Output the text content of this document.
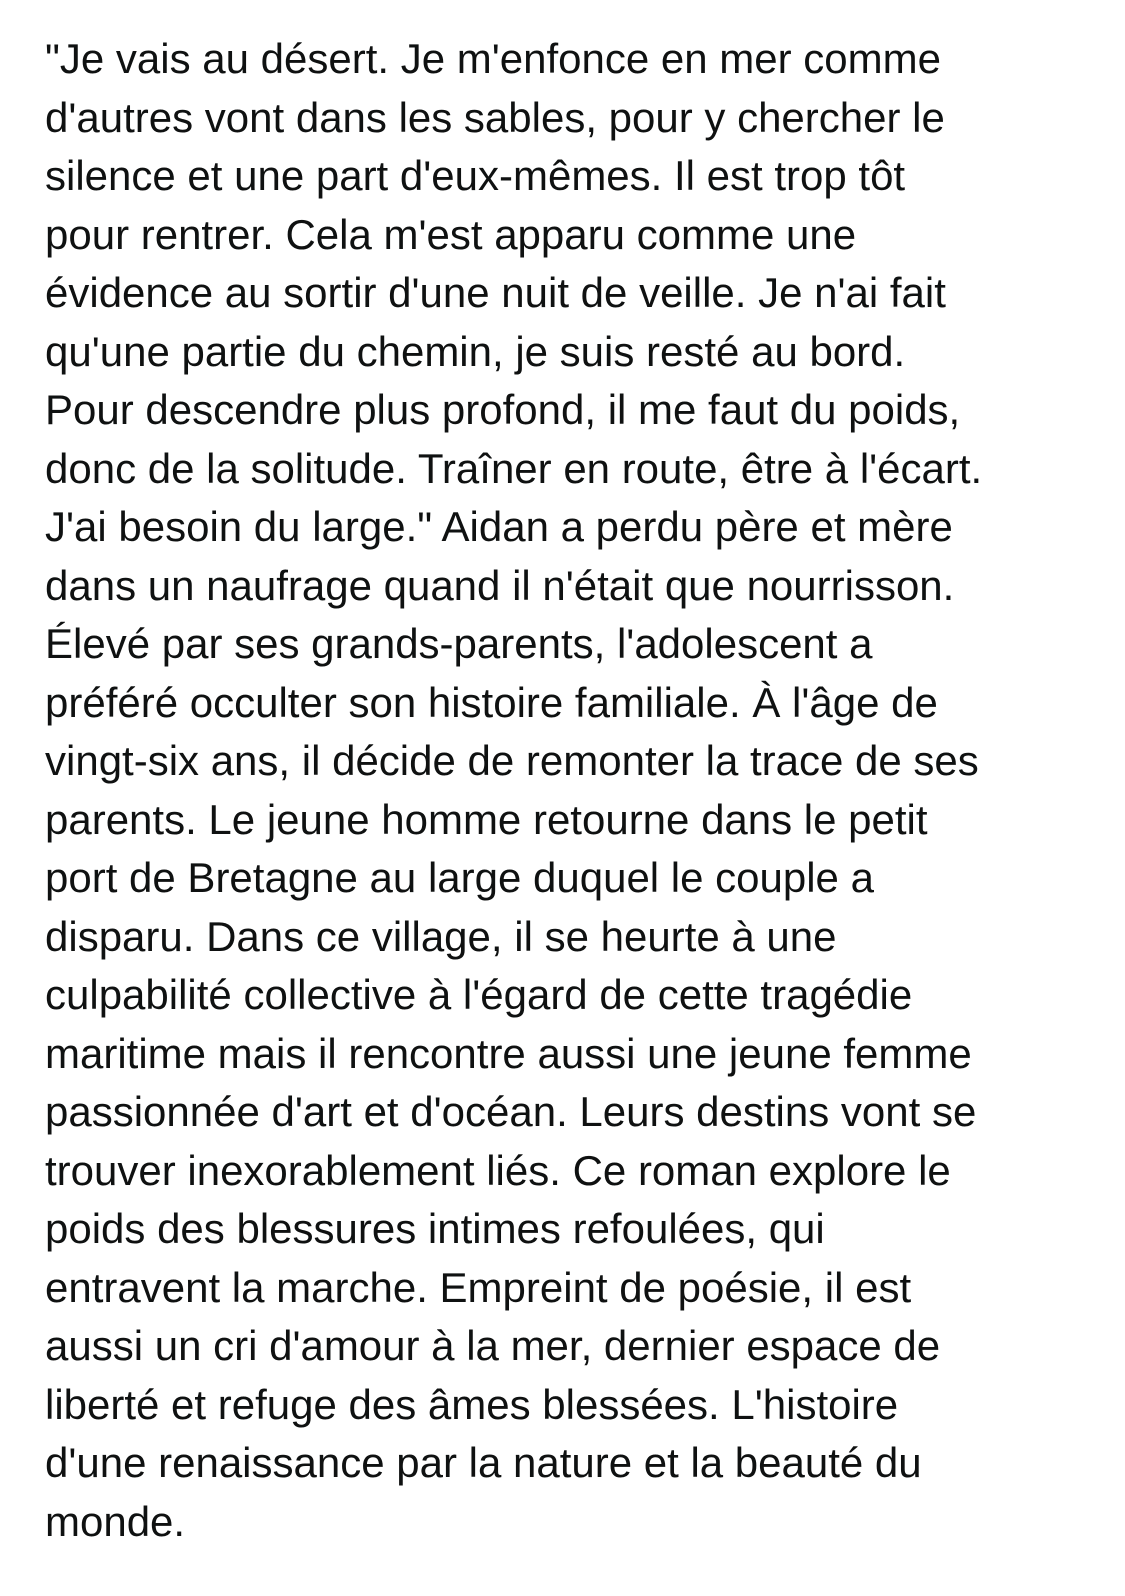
"Je vais au désert. Je m'enfonce en mer comme
d'autres vont dans les sables, pour y chercher le
silence et une part d'eux-mêmes. Il est trop tôt
pour rentrer. Cela m'est apparu comme une
évidence au sortir d'une nuit de veille. Je n'ai fait
qu'une partie du chemin, je suis resté au bord.
Pour descendre plus profond, il me faut du poids,
donc de la solitude. Traîner en route, être à l'écart.
J'ai besoin du large." Aidan a perdu père et mère
dans un naufrage quand il n'était que nourrisson.
Élevé par ses grands-parents, l'adolescent a
préféré occulter son histoire familiale. À l'âge de
vingt-six ans, il décide de remonter la trace de ses
parents. Le jeune homme retourne dans le petit
port de Bretagne au large duquel le couple a
disparu. Dans ce village, il se heurte à une
culpabilité collective à l'égard de cette tragédie
maritime mais il rencontre aussi une jeune femme
passionnée d'art et d'océan. Leurs destins vont se
trouver inexorablement liés. Ce roman explore le
poids des blessures intimes refoulées, qui
entravent la marche. Empreint de poésie, il est
aussi un cri d'amour à la mer, dernier espace de
liberté et refuge des âmes blessées. L'histoire
d'une renaissance par la nature et la beauté du
monde.
